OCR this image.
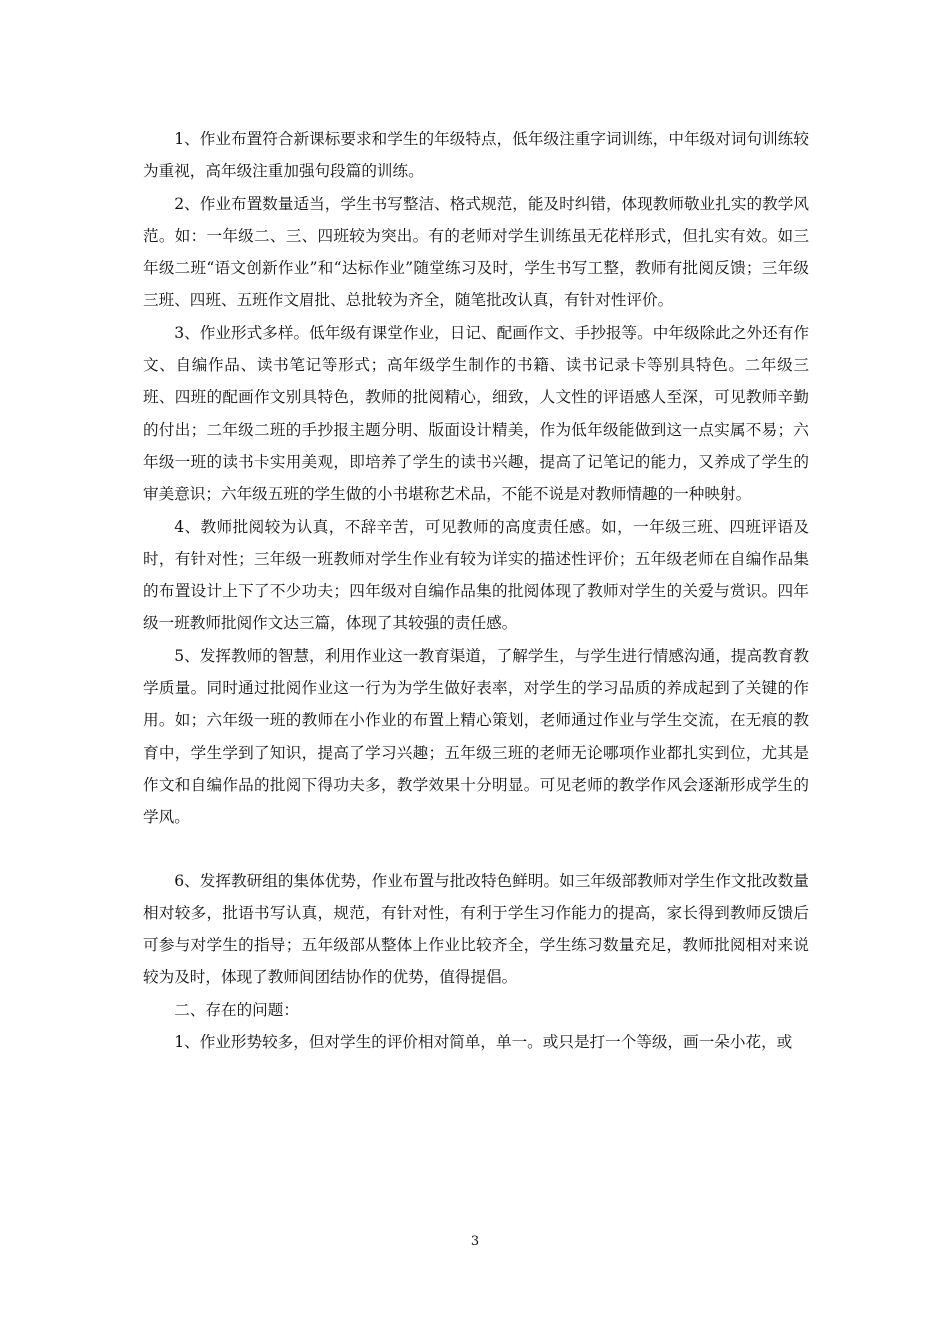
1、作业布置符合新课标要求和学生的年级特点，低年级注重字词训练，中年级对词句训练较为重视，高年级注重加强句段篇的训练。

2、作业布置数量适当，学生书写整洁、格式规范，能及时纠错，体现教师敬业扎实的教学风范。如：一年级二、三、四班较为突出。有的老师对学生训练虽无花样形式，但扎实有效。如三年级二班“语文创新作业”和“达标作业”随堂练习及时，学生书写工整，教师有批阅反馈；三年级三班、四班、五班作文眉批、总批较为齐全，随笔批改认真，有针对性评价。

3、作业形式多样。低年级有课堂作业，日记、配画作文、手抄报等。中年级除此之外还有作文、自编作品、读书笔记等形式；高年级学生制作的书籍、读书记录卡等别具特色。二年级三班、四班的配画作文别具特色，教师的批阅精心，细致，人文性的评语感人至深，可见教师辛勤的付出；二年级二班的手抄报主题分明、版面设计精美，作为低年级能做到这一点实属不易；六年级一班的读书卡实用美观，即培养了学生的读书兴趣，提高了记笔记的能力，又养成了学生的审美意识；六年级五班的学生做的小书堪称艺术品，不能不说是对教师情趣的一种映射。

4、教师批阅较为认真，不辞辛苦，可见教师的高度责任感。如，一年级三班、四班评语及时，有针对性；三年级一班教师对学生作业有较为详实的描述性评价；五年级老师在自编作品集的布置设计上下了不少功夫；四年级对自编作品集的批阅体现了教师对学生的关爱与赏识。四年级一班教师批阅作文达三篇，体现了其较强的责任感。

5、发挥教师的智慧，利用作业这一教育渠道，了解学生，与学生进行情感沟通，提高教育教学质量。同时通过批阅作业这一行为为学生做好表率，对学生的学习品质的养成起到了关键的作用。如；六年级一班的教师在小作业的布置上精心策划，老师通过作业与学生交流，在无痕的教育中，学生学到了知识，提高了学习兴趣；五年级三班的老师无论哪项作业都扎实到位，尤其是作文和自编作品的批阅下得功夫多，教学效果十分明显。可见老师的教学作风会逐渐形成学生的学风。

6、发挥教研组的集体优势，作业布置与批改特色鲜明。如三年级部教师对学生作文批改数量相对较多，批语书写认真，规范，有针对性，有利于学生习作能力的提高，家长得到教师反馈后可参与对学生的指导；五年级部从整体上作业比较齐全，学生练习数量充足，教师批阅相对来说较为及时，体现了教师间团结协作的优势，值得提倡。

二、存在的问题：

1、作业形势较多，但对学生的评价相对简单，单一。或只是打一个等级，画一朵小花，或

3
